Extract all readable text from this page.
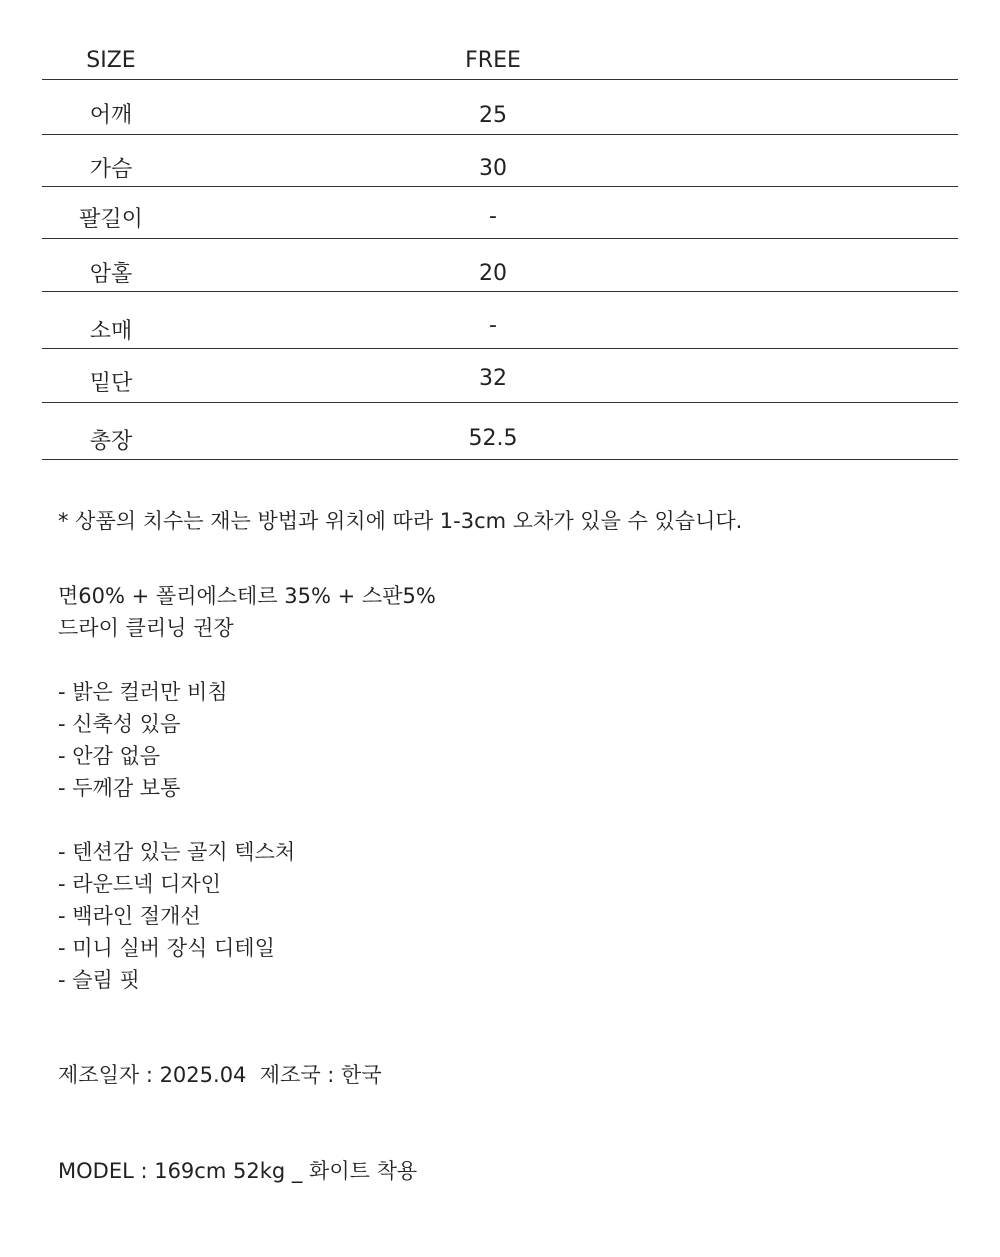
SIZE	FREE
어깨	25
가슴	30
팔길이	-
암홀	20
소매	-
밑단	32
총장	52.5
* 상품의 치수는 재는 방법과 위치에 따라 1-3cm 오차가 있을 수 있습니다.
면60% + 폴리에스테르 35% + 스판5%
드라이 클리닝 권장
- 밝은 컬러만 비침
- 신축성 있음
- 안감 없음
- 두께감 보통
- 텐션감 있는 골지 텍스처
- 라운드넥 디자인
- 백라인 절개선
- 미니 실버 장식 디테일
- 슬림 핏
제조일자 : 2025.04  제조국 : 한국
MODEL : 169cm 52kg _ 화이트 착용
